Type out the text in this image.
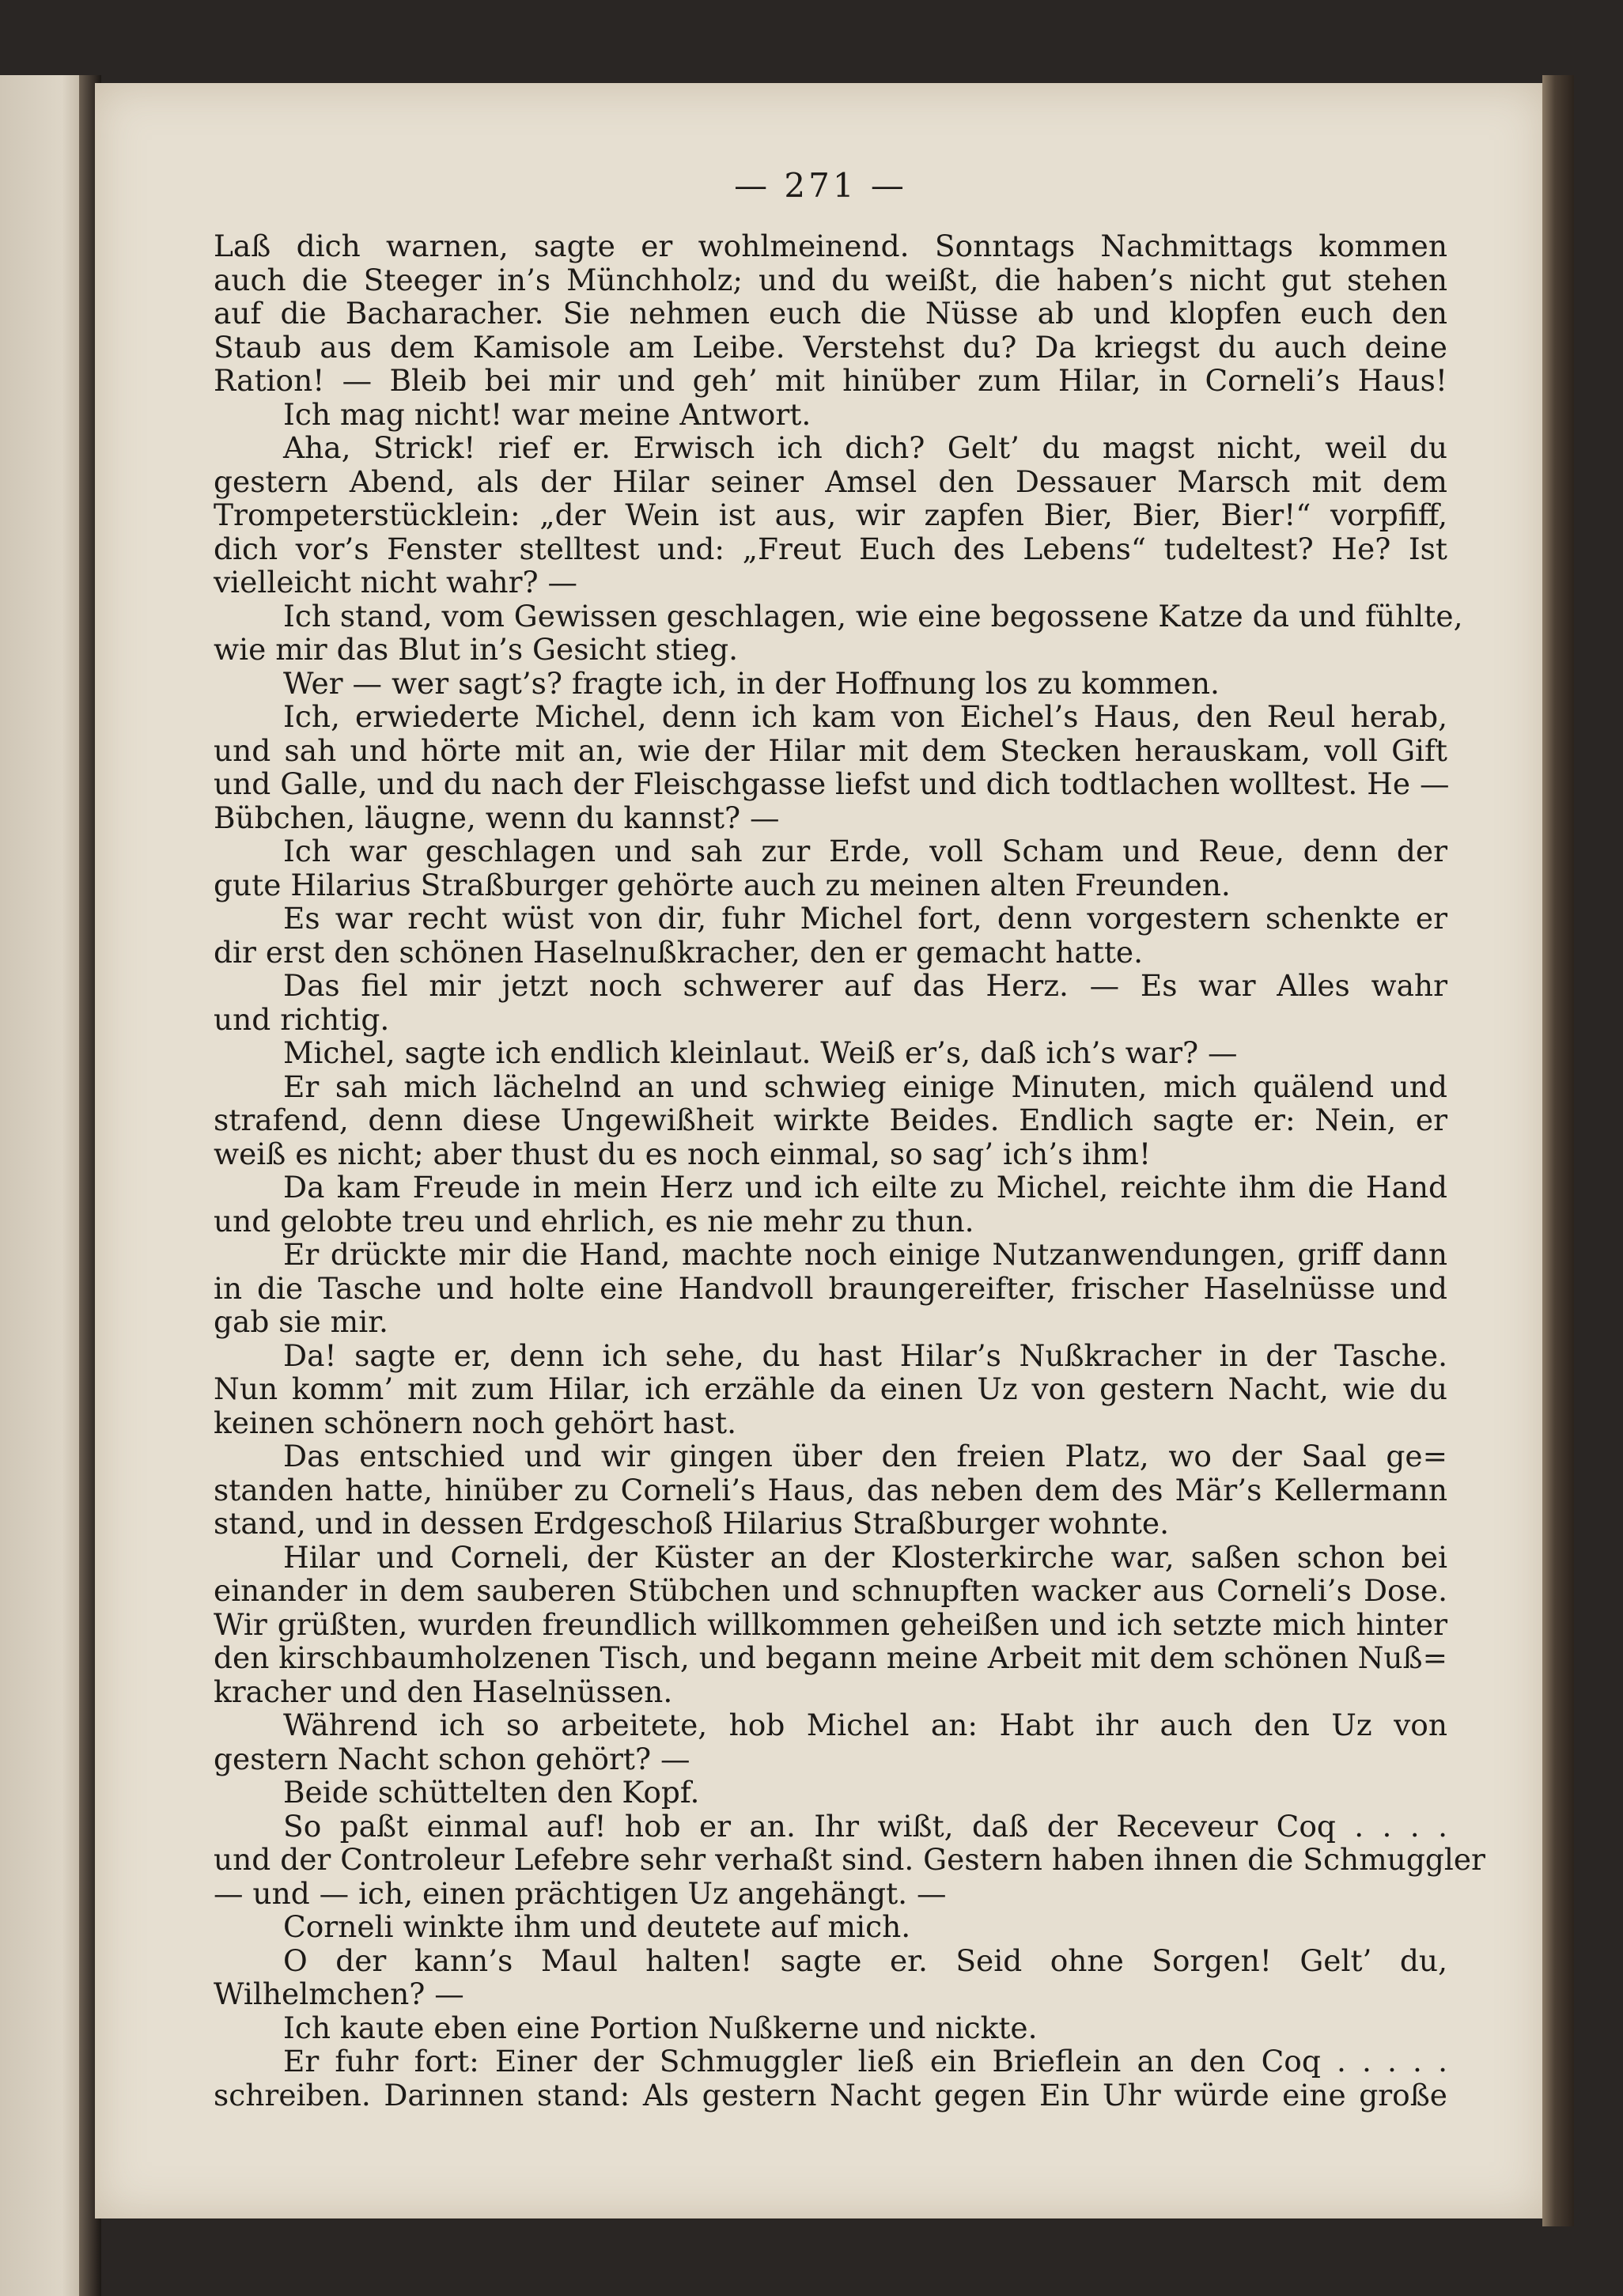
— 271 —
Laß dich warnen, sagte er wohlmeinend. Sonntags Nachmittags kommen
auch die Steeger in’s Münchholz; und du weißt, die haben’s nicht gut stehen
auf die Bacharacher. Sie nehmen euch die Nüsse ab und klopfen euch den
Staub aus dem Kamisole am Leibe. Verstehst du? Da kriegst du auch deine
Ration! — Bleib bei mir und geh’ mit hinüber zum Hilar, in Corneli’s Haus!
Ich mag nicht! war meine Antwort.
Aha, Strick! rief er. Erwisch ich dich? Gelt’ du magst nicht, weil du
gestern Abend, als der Hilar seiner Amsel den Dessauer Marsch mit dem
Trompeterstücklein: „der Wein ist aus, wir zapfen Bier, Bier, Bier!“ vorpfiff,
dich vor’s Fenster stelltest und: „Freut Euch des Lebens“ tudeltest? He? Ist
vielleicht nicht wahr? —
Ich stand, vom Gewissen geschlagen, wie eine begossene Katze da und fühlte,
wie mir das Blut in’s Gesicht stieg.
Wer — wer sagt’s? fragte ich, in der Hoffnung los zu kommen.
Ich, erwiederte Michel, denn ich kam von Eichel’s Haus, den Reul herab,
und sah und hörte mit an, wie der Hilar mit dem Stecken herauskam, voll Gift
und Galle, und du nach der Fleischgasse liefst und dich todtlachen wolltest. He —
Bübchen, läugne, wenn du kannst? —
Ich war geschlagen und sah zur Erde, voll Scham und Reue, denn der
gute Hilarius Straßburger gehörte auch zu meinen alten Freunden.
Es war recht wüst von dir, fuhr Michel fort, denn vorgestern schenkte er
dir erst den schönen Haselnußkracher, den er gemacht hatte.
Das fiel mir jetzt noch schwerer auf das Herz. — Es war Alles wahr
und richtig.
Michel, sagte ich endlich kleinlaut. Weiß er’s, daß ich’s war? —
Er sah mich lächelnd an und schwieg einige Minuten, mich quälend und
strafend, denn diese Ungewißheit wirkte Beides. Endlich sagte er: Nein, er
weiß es nicht; aber thust du es noch einmal, so sag’ ich’s ihm!
Da kam Freude in mein Herz und ich eilte zu Michel, reichte ihm die Hand
und gelobte treu und ehrlich, es nie mehr zu thun.
Er drückte mir die Hand, machte noch einige Nutzanwendungen, griff dann
in die Tasche und holte eine Handvoll braungereifter, frischer Haselnüsse und
gab sie mir.
Da! sagte er, denn ich sehe, du hast Hilar’s Nußkracher in der Tasche.
Nun komm’ mit zum Hilar, ich erzähle da einen Uz von gestern Nacht, wie du
keinen schönern noch gehört hast.
Das entschied und wir gingen über den freien Platz, wo der Saal ge=
standen hatte, hinüber zu Corneli’s Haus, das neben dem des Mär’s Kellermann
stand, und in dessen Erdgeschoß Hilarius Straßburger wohnte.
Hilar und Corneli, der Küster an der Klosterkirche war, saßen schon bei
einander in dem sauberen Stübchen und schnupften wacker aus Corneli’s Dose.
Wir grüßten, wurden freundlich willkommen geheißen und ich setzte mich hinter
den kirschbaumholzenen Tisch, und begann meine Arbeit mit dem schönen Nuß=
kracher und den Haselnüssen.
Während ich so arbeitete, hob Michel an: Habt ihr auch den Uz von
gestern Nacht schon gehört? —
Beide schüttelten den Kopf.
So paßt einmal auf! hob er an. Ihr wißt, daß der Receveur Coq . . . .
und der Controleur Lefebre sehr verhaßt sind. Gestern haben ihnen die Schmuggler
— und — ich, einen prächtigen Uz angehängt. —
Corneli winkte ihm und deutete auf mich.
O der kann’s Maul halten! sagte er. Seid ohne Sorgen! Gelt’ du,
Wilhelmchen? —
Ich kaute eben eine Portion Nußkerne und nickte.
Er fuhr fort: Einer der Schmuggler ließ ein Brieflein an den Coq . . . . .
schreiben. Darinnen stand: Als gestern Nacht gegen Ein Uhr würde eine große
